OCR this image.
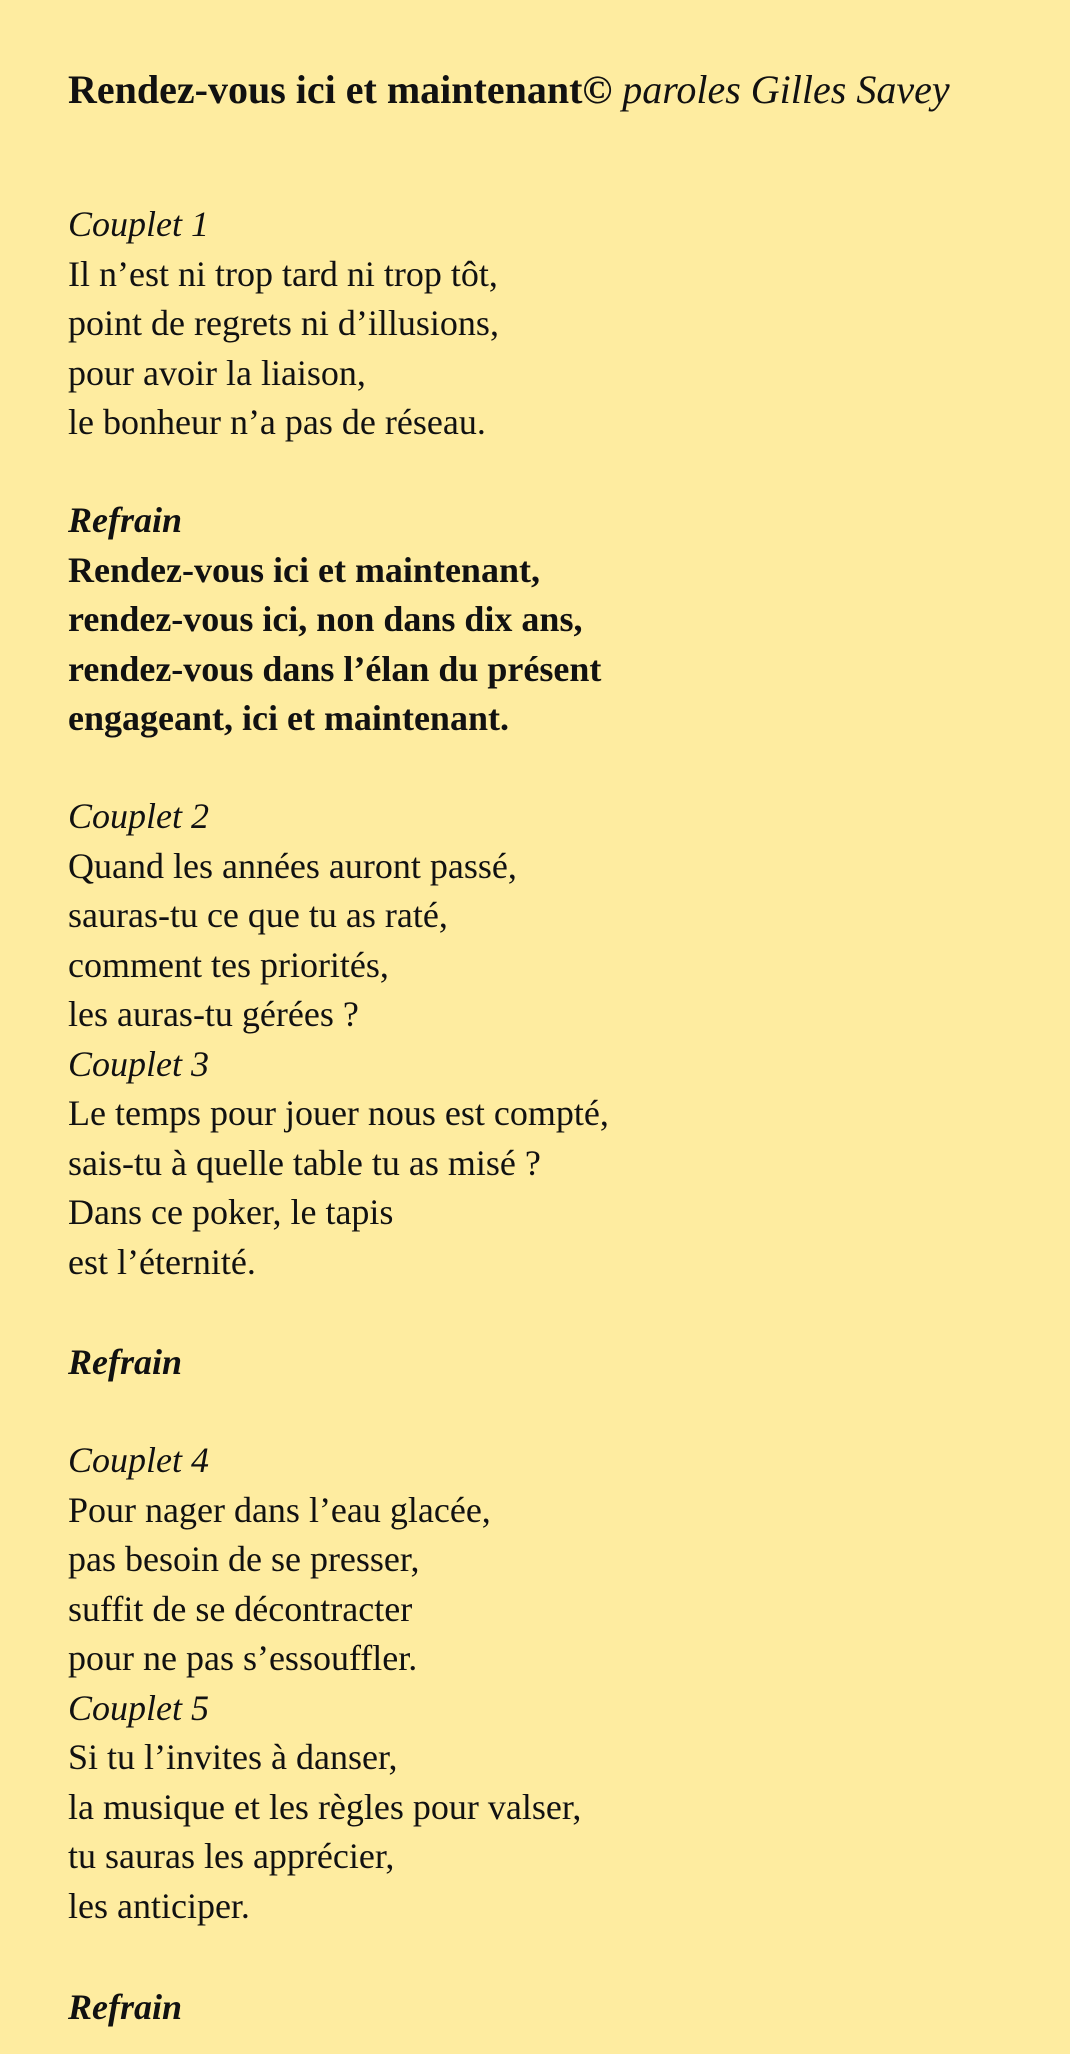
Rendez-vous ici et maintenant© paroles Gilles Savey
Couplet 1
Il n’est ni trop tard ni trop tôt,
point de regrets ni d’illusions,
pour avoir la liaison,
le bonheur n’a pas de réseau.
Refrain
Rendez-vous ici et maintenant,
rendez-vous ici, non dans dix ans,
rendez-vous dans l’élan du présent
engageant, ici et maintenant.
Couplet 2
Quand les années auront passé,
sauras-tu ce que tu as raté,
comment tes priorités,
les auras-tu gérées ?
Couplet 3
Le temps pour jouer nous est compté,
sais-tu à quelle table tu as misé ?
Dans ce poker, le tapis
est l’éternité.
Refrain
Couplet 4
Pour nager dans l’eau glacée,
pas besoin de se presser,
suffit de se décontracter
pour ne pas s’essouffler.
Couplet 5
Si tu l’invites à danser,
la musique et les règles pour valser,
tu sauras les apprécier,
les anticiper.
Refrain
